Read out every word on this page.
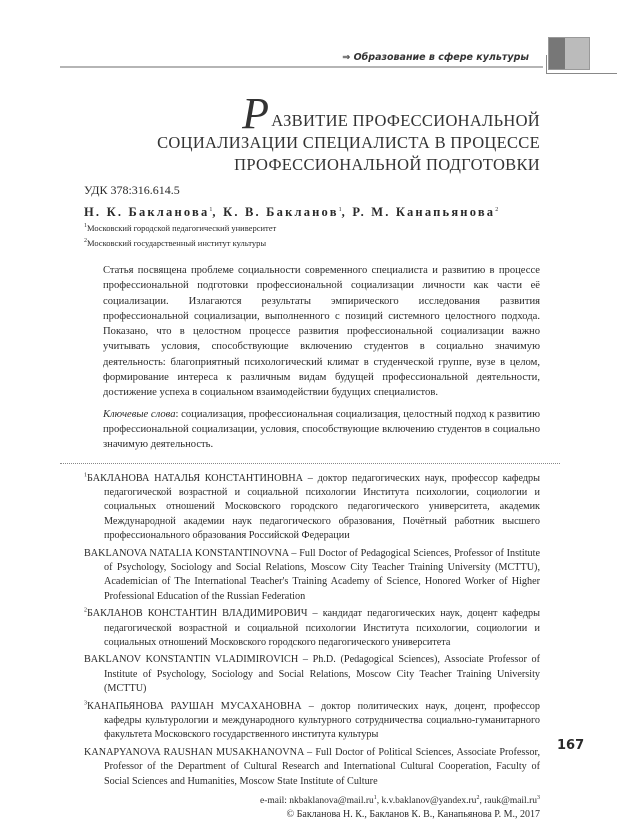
⇒ Образование в сфере культуры
РАЗВИТИЕ ПРОФЕССИОНАЛЬНОЙ
СОЦИАЛИЗАЦИИ СПЕЦИАЛИСТА В ПРОЦЕССЕ
ПРОФЕССИОНАЛЬНОЙ ПОДГОТОВКИ
УДК 378:316.614.5
Н. К. Бакланова$^1$, К. В. Бакланов$^1$, Р. М. Канапьянова$^2$
$^1$Московский городской педагогический университет
$^2$Московский государственный институт культуры
Статья посвящена проблеме социальности современного специалиста и развитию в процессе профессиональной подготовки профессиональной социализации личности как части её социализации. Излагаются результаты эмпирического исследования развития профессиональной социализации, выполненного с позиций системного целостного подхода. Показано, что в целостном процессе развития профессиональной социализации важно учитывать условия, способствующие включению студентов в социально значимую деятельность: благоприятный психологический климат в студенческой группе, вузе в целом, формирование интереса к различным видам будущей профессиональной деятельности, достижение успеха в социальном взаимодействии будущих специалистов.
Ключевые слова: социализация, профессиональная социализация, целостный подход к развитию профессиональной социализации, условия, способствующие включению студентов в социально значимую деятельность.
$^1$БАКЛАНОВА НАТАЛЬЯ КОНСТАНТИНОВНА – доктор педагогических наук, профессор кафедры педагогической возрастной и социальной психологии Института психологии, социологии и социальных отношений Московского городского педагогического университета, академик Международной академии наук педагогического образования, Почётный работник высшего профессионального образования Российской Федерации
BAKLANOVA NATALIA KONSTANTINOVNA – Full Doctor of Pedagogical Sciences, Professor of Institute of Psychology, Sociology and Social Relations, Moscow City Teacher Training University (MCTTU), Academician of The International Teacher's Training Academy of Science, Honored Worker of Higher Professional Education of the Russian Federation
$^2$БАКЛАНОВ КОНСТАНТИН ВЛАДИМИРОВИЧ – кандидат педагогических наук, доцент кафедры педагогической возрастной и социальной психологии Института психологии, социологии и социальных отношений Московского городского педагогического университета
BAKLANOV KONSTANTIN VLADIMIROVICH – Ph.D. (Pedagogical Sciences), Associate Professor of Institute of Psychology, Sociology and Social Relations, Moscow City Teacher Training University (MCTTU)
$^3$КАНАПЬЯНОВА РАУШАН МУСАХАНОВНА – доктор политических наук, доцент, профессор кафедры культурологии и международного культурного сотрудничества социально-гуманитарного факультета Московского государственного института культуры
KANAPYANOVA RAUSHAN MUSAKHANOVNA – Full Doctor of Political Sciences, Associate Professor, Professor of the Department of Cultural Research and International Cultural Cooperation, Faculty of Social Sciences and Humanities, Moscow State Institute of Culture
e-mail: $nkbaklanova@mail.ru^1$, $k.v.baklanov@yandex.ru^2$, $rauk@mail.ru^3$
© Бакланова Н. К., Бакланов К. В., Канапьянова Р. М., 2017
167
